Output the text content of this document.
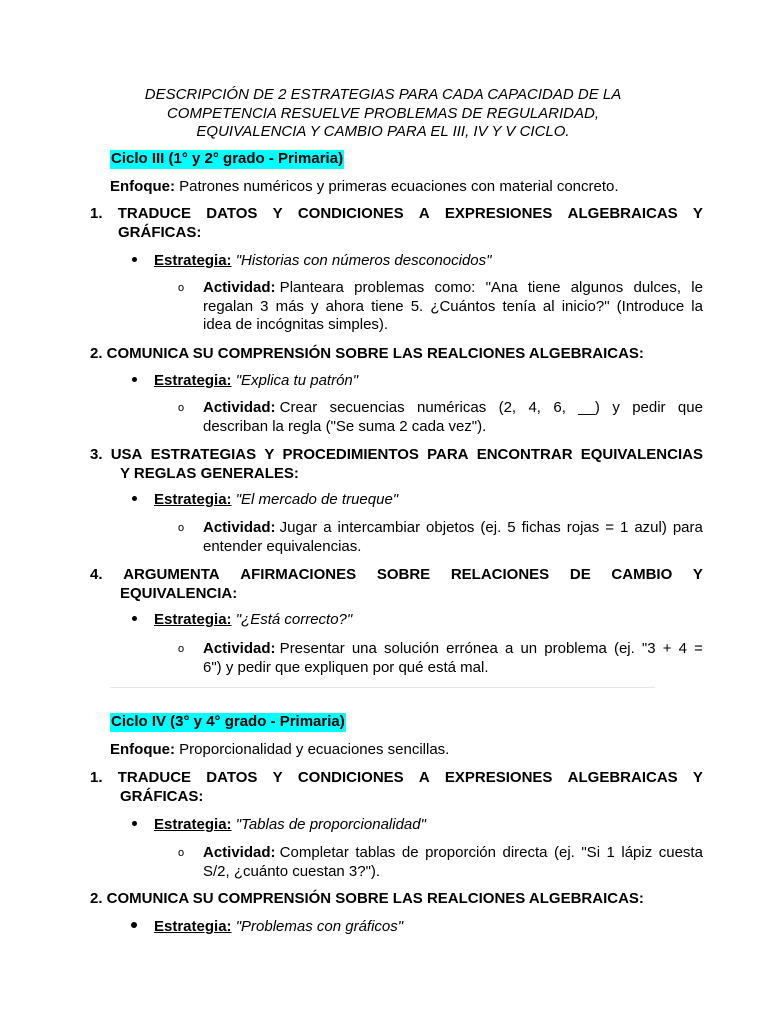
DESCRIPCIÓN DE 2 ESTRATEGIAS PARA CADA CAPACIDAD DE LA
COMPETENCIA RESUELVE PROBLEMAS DE REGULARIDAD,
EQUIVALENCIA Y CAMBIO PARA EL III, IV Y V CICLO.
Ciclo III (1° y 2° grado - Primaria)
Enfoque: Patrones numéricos y primeras ecuaciones con material concreto.
1. TRADUCE DATOS Y CONDICIONES A EXPRESIONES ALGEBRAICAS Y
GRÁFICAS:
Estrategia: "Historias con números desconocidos"
o Actividad: Planteara problemas como: "Ana tiene algunos dulces, le
regalan 3 más y ahora tiene 5. ¿Cuántos tenía al inicio?" (Introduce la
idea de incógnitas simples).
2. COMUNICA SU COMPRENSIÓN SOBRE LAS REALCIONES ALGEBRAICAS:
Estrategia: "Explica tu patrón"
o Actividad: Crear secuencias numéricas (2, 4, 6, __) y pedir que
describan la regla ("Se suma 2 cada vez").
3. USA ESTRATEGIAS Y PROCEDIMIENTOS PARA ENCONTRAR EQUIVALENCIAS
Y REGLAS GENERALES:
Estrategia: "El mercado de trueque"
o Actividad: Jugar a intercambiar objetos (ej. 5 fichas rojas = 1 azul) para
entender equivalencias.
4. ARGUMENTA AFIRMACIONES SOBRE RELACIONES DE CAMBIO Y
EQUIVALENCIA:
Estrategia: "¿Está correcto?"
o Actividad: Presentar una solución errónea a un problema (ej. "3 + 4 =
6") y pedir que expliquen por qué está mal.
Ciclo IV (3° y 4° grado - Primaria)
Enfoque: Proporcionalidad y ecuaciones sencillas.
1. TRADUCE DATOS Y CONDICIONES A EXPRESIONES ALGEBRAICAS Y
GRÁFICAS:
Estrategia: "Tablas de proporcionalidad"
o Actividad: Completar tablas de proporción directa (ej. "Si 1 lápiz cuesta
S/2, ¿cuánto cuestan 3?").
2. COMUNICA SU COMPRENSIÓN SOBRE LAS REALCIONES ALGEBRAICAS:
Estrategia: "Problemas con gráficos"
